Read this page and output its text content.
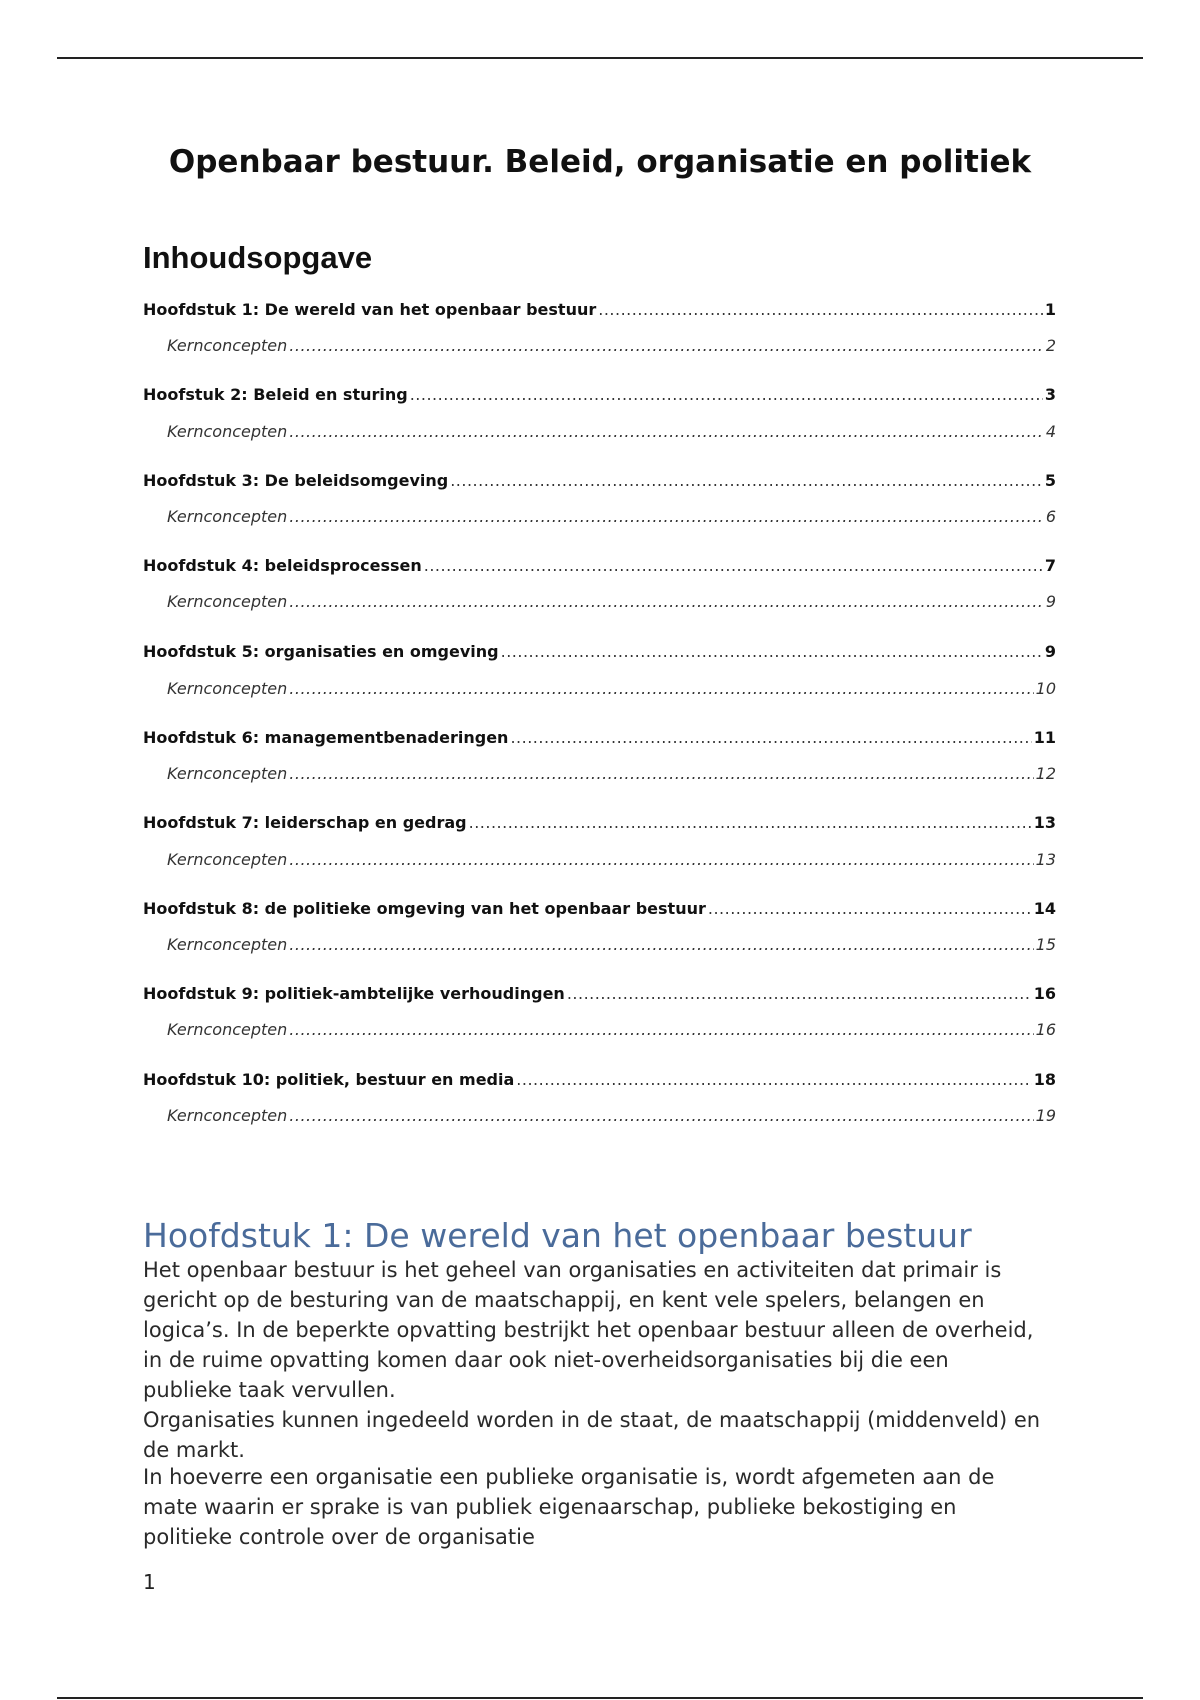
Openbaar bestuur. Beleid, organisatie en politiek
Inhoudsopgave
Hoofdstuk 1: De wereld van het openbaar bestuur .....	1
Kernconcepten .....	2
Hoofstuk 2: Beleid en sturing .....	3
Kernconcepten .....	4
Hoofdstuk 3: De beleidsomgeving .....	5
Kernconcepten .....	6
Hoofdstuk 4: beleidsprocessen .....	7
Kernconcepten .....	9
Hoofdstuk 5: organisaties en omgeving .....	9
Kernconcepten .....	10
Hoofdstuk 6: managementbenaderingen .....	11
Kernconcepten .....	12
Hoofdstuk 7: leiderschap en gedrag .....	13
Kernconcepten .....	13
Hoofdstuk 8: de politieke omgeving van het openbaar bestuur .....	14
Kernconcepten .....	15
Hoofdstuk 9: politiek-ambtelijke verhoudingen .....	16
Kernconcepten .....	16
Hoofdstuk 10: politiek, bestuur en media .....	18
Kernconcepten .....	19
Hoofdstuk 1: De wereld van het openbaar bestuur
Het openbaar bestuur is het geheel van organisaties en activiteiten dat primair is gericht op de besturing van de maatschappij, en kent vele spelers, belangen en logica’s. In de beperkte opvatting bestrijkt het openbaar bestuur alleen de overheid, in de ruime opvatting komen daar ook niet-overheidsorganisaties bij die een publieke taak vervullen.
Organisaties kunnen ingedeeld worden in de staat, de maatschappij (middenveld) en de markt.
In hoeverre een organisatie een publieke organisatie is, wordt afgemeten aan de mate waarin er sprake is van publiek eigenaarschap, publieke bekostiging en politieke controle over de organisatie
1
